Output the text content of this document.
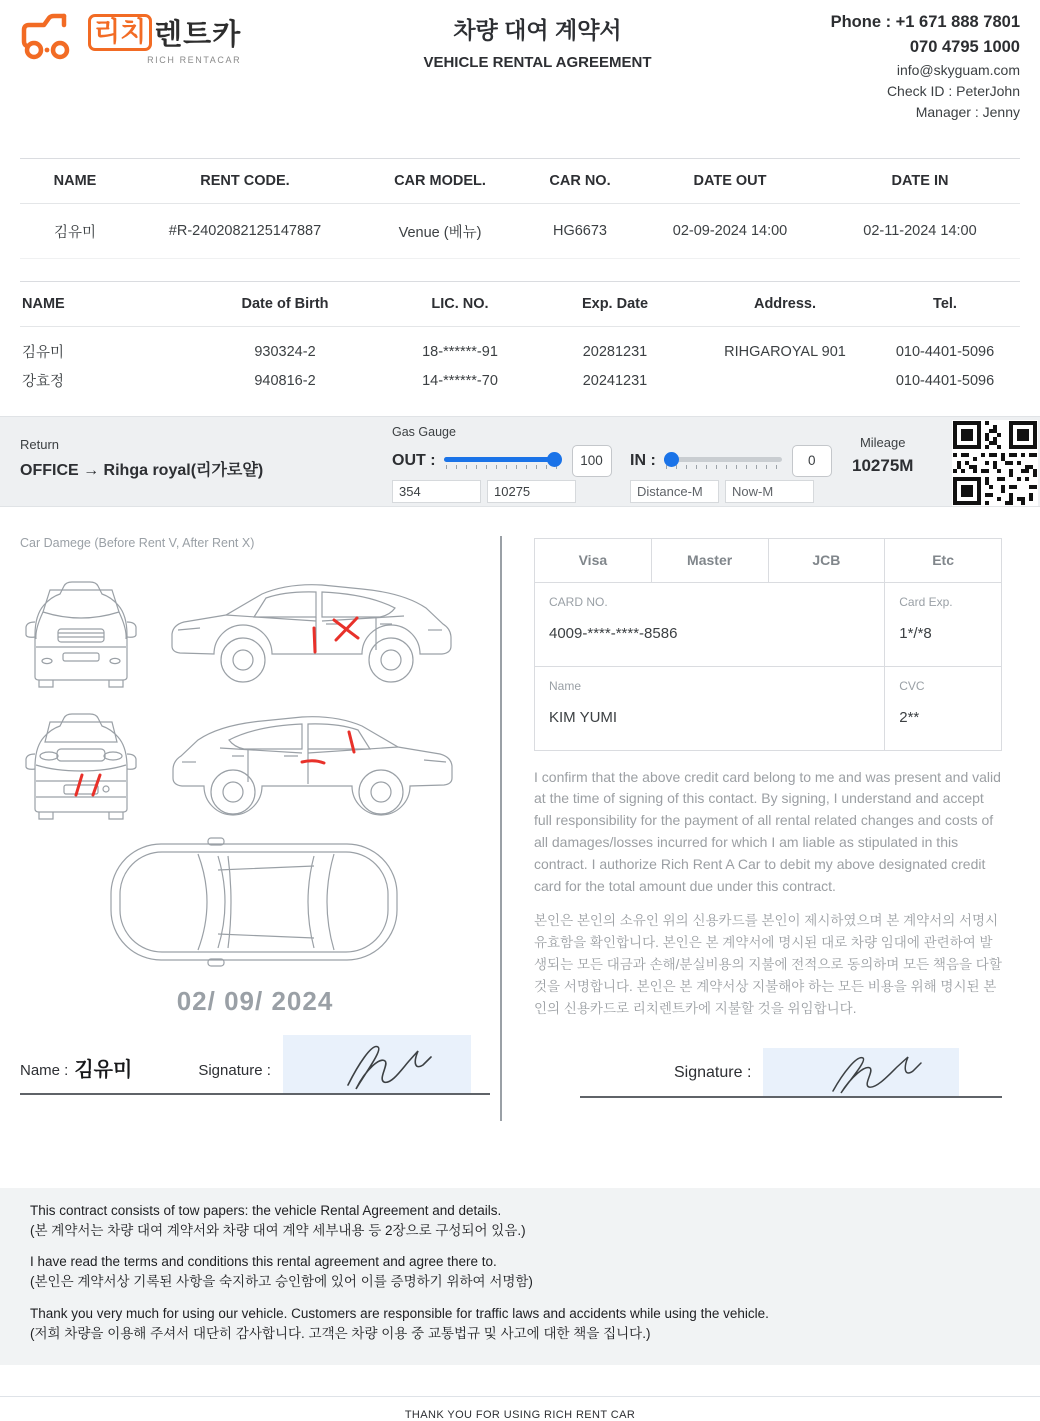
리치 렌트카
RICH RENTACAR
차량 대여 계약서
VEHICLE RENTAL AGREEMENT
Phone : +1 671 888 7801
070 4795 1000
info@skyguam.com
Check ID : PeterJohn
Manager : Jenny
NAME	RENT CODE.	CAR MODEL.	CAR NO.	DATE OUT	DATE IN
김유미	#R-2402082125147887	Venue (베뉴)	HG6673	02-09-2024 14:00	02-11-2024 14:00
NAME	Date of Birth	LIC. NO.	Exp. Date	Address.	Tel.
김유미	930324-2	18-******-91	20281231	RIHGAROYAL 901	010-4401-5096
강효정	940816-2	14-******-70	20241231		010-4401-5096
Return
OFFICE → Rihga royal(리가로얄)
Gas Gauge
OUT :	100
354
10275	IN :	0
Distance-M
Now-M
Mileage
10275M
Car Damege (Before Rent V, After Rent X)
02/ 09/ 2024
Name : 김유미	Signature :
Visa	Master	JCB	Etc

CARD NO.
4009-****-****-8586

Card Exp.
1*/*8

Name
KIM YUMI

CVC
2**

I confirm that the above credit card belong to me and was present and valid at the time of signing of this contact. By signing, I understand and accept full responsibility for the payment of all rental related changes and costs of all damages/losses incurred for which I am liable as stipulated in this contract. I authorize Rich Rent A Car to debit my above designated credit card for the total amount due under this contract.

본인은 본인의 소유인 위의 신용카드를 본인이 제시하였으며 본 계약서의 서명시 유효함을 확인합니다. 본인은 본 계약서에 명시된 대로 차량 임대에 관련하여 발생되는 모든 대금과 손해/분실비용의 지불에 전적으로 동의하며 모든 책음을 다할 것을 서명합니다. 본인은 본 계약서상 지불해야 하는 모든 비용을 위해 명시된 본인의 신용카드로 리치렌트카에 지불할 것을 위임합니다.

Signature :
This contract consists of tow papers: the vehicle Rental Agreement and details.
(본 계약서는 차량 대여 계약서와 차량 대여 계약 세부내용 등 2장으로 구성되어 있음.)
I have read the terms and conditions this rental agreement and agree there to.
(본인은 계약서상 기록된 사항을 숙지하고 승인함에 있어 이를 증명하기 위하여 서명함)
Thank you very much for using our vehicle. Customers are responsible for traffic laws and accidents while using the vehicle.
(저희 차량을 이용해 주셔서 대단히 감사합니다. 고객은 차량 이용 중 교통법규 및 사고에 대한 책을 집니다.)
THANK YOU FOR USING RICH RENT CAR
